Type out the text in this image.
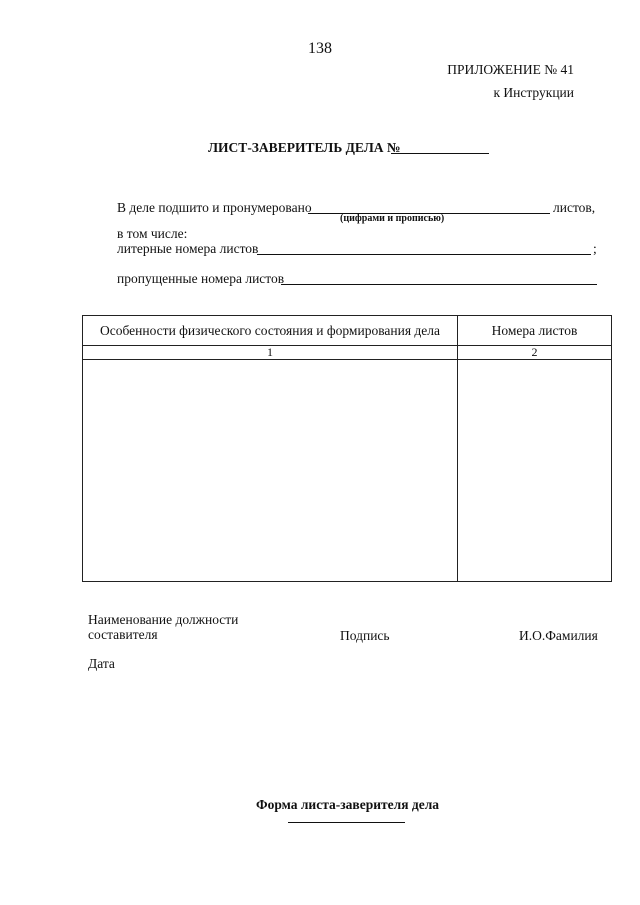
138
ПРИЛОЖЕНИЕ № 41
к Инструкции
ЛИСТ-ЗАВЕРИТЕЛЬ ДЕЛА №
В деле подшито и пронумеровано	листов,
(цифрами и прописью)
в том числе:
литерные номера листов	;
пропущенные номера листов
Особенности физического состояния и формирования дела	Номера листов
1	2

Наименование должности
составителя	Подпись	И.О.Фамилия
Дата
Форма листа-заверителя дела
